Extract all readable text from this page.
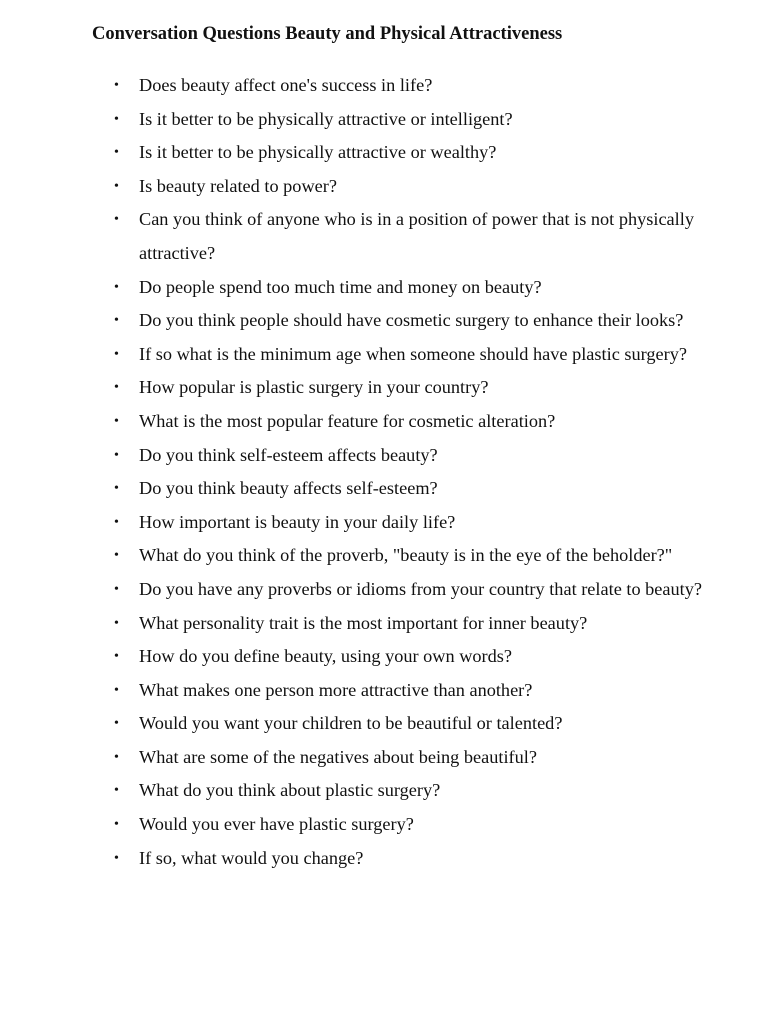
Conversation Questions Beauty and Physical Attractiveness
• Does beauty affect one's success in life?
• Is it better to be physically attractive or intelligent?
• Is it better to be physically attractive or wealthy?
• Is beauty related to power?
• Can you think of anyone who is in a position of power that is not physically attractive?
• Do people spend too much time and money on beauty?
• Do you think people should have cosmetic surgery to enhance their looks?
• If so what is the minimum age when someone should have plastic surgery?
• How popular is plastic surgery in your country?
• What is the most popular feature for cosmetic alteration?
• Do you think self-esteem affects beauty?
• Do you think beauty affects self-esteem?
• How important is beauty in your daily life?
• What do you think of the proverb, "beauty is in the eye of the beholder?"
• Do you have any proverbs or idioms from your country that relate to beauty?
• What personality trait is the most important for inner beauty?
• How do you define beauty, using your own words?
• What makes one person more attractive than another?
• Would you want your children to be beautiful or talented?
• What are some of the negatives about being beautiful?
• What do you think about plastic surgery?
• Would you ever have plastic surgery?
• If so, what would you change?
